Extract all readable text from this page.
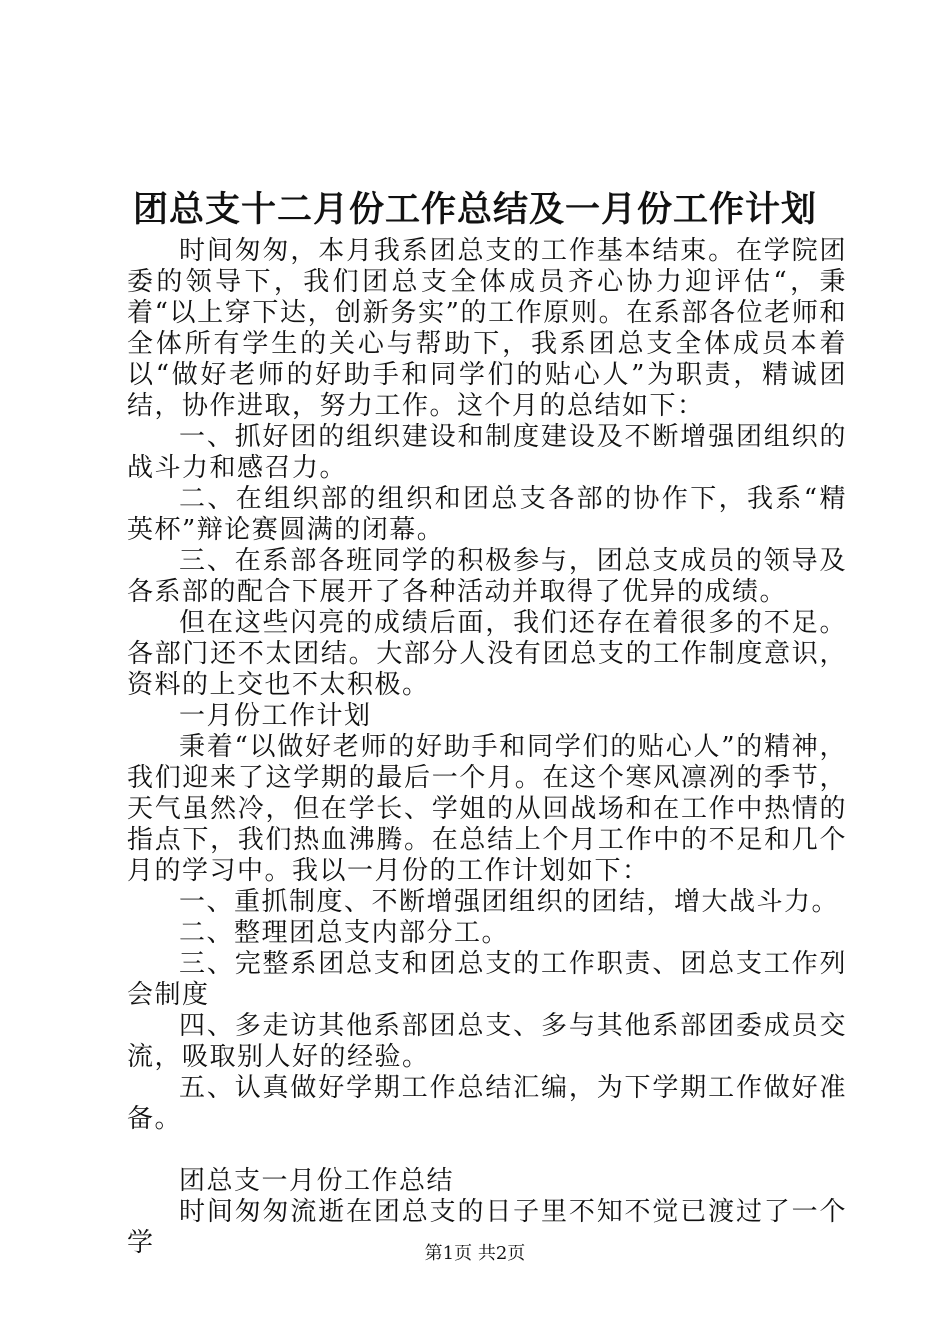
团总支十二月份工作总结及一月份工作计划

时间匆匆，本月我系团总支的工作基本结束。在学院团委的领导下，我们团总支全体成员齐心协力迎评估“，秉着“以上穿下达，创新务实”的工作原则。在系部各位老师和全体所有学生的关心与帮助下，我系团总支全体成员本着以“做好老师的好助手和同学们的贴心人”为职责，精诚团结，协作进取，努力工作。这个月的总结如下：

一、抓好团的组织建设和制度建设及不断增强团组织的战斗力和感召力。

二、在组织部的组织和团总支各部的协作下，我系“精英杯”辩论赛圆满的闭幕。

三、在系部各班同学的积极参与，团总支成员的领导及各系部的配合下展开了各种活动并取得了优异的成绩。

但在这些闪亮的成绩后面，我们还存在着很多的不足。各部门还不太团结。大部分人没有团总支的工作制度意识，资料的上交也不太积极。

一月份工作计划

秉着“以做好老师的好助手和同学们的贴心人”的精神，我们迎来了这学期的最后一个月。在这个寒风凛冽的季节，天气虽然冷，但在学长、学姐的从回战场和在工作中热情的指点下，我们热血沸腾。在总结上个月工作中的不足和几个月的学习中。我以一月份的工作计划如下：

一、重抓制度、不断增强团组织的团结，增大战斗力。

二、整理团总支内部分工。

三、完整系团总支和团总支的工作职责、团总支工作列会制度

四、多走访其他系部团总支、多与其他系部团委成员交流，吸取别人好的经验。

五、认真做好学期工作总结汇编，为下学期工作做好准备。

团总支一月份工作总结

时间匆匆流逝在团总支的日子里不知不觉已渡过了一个学	第1页 共2页
